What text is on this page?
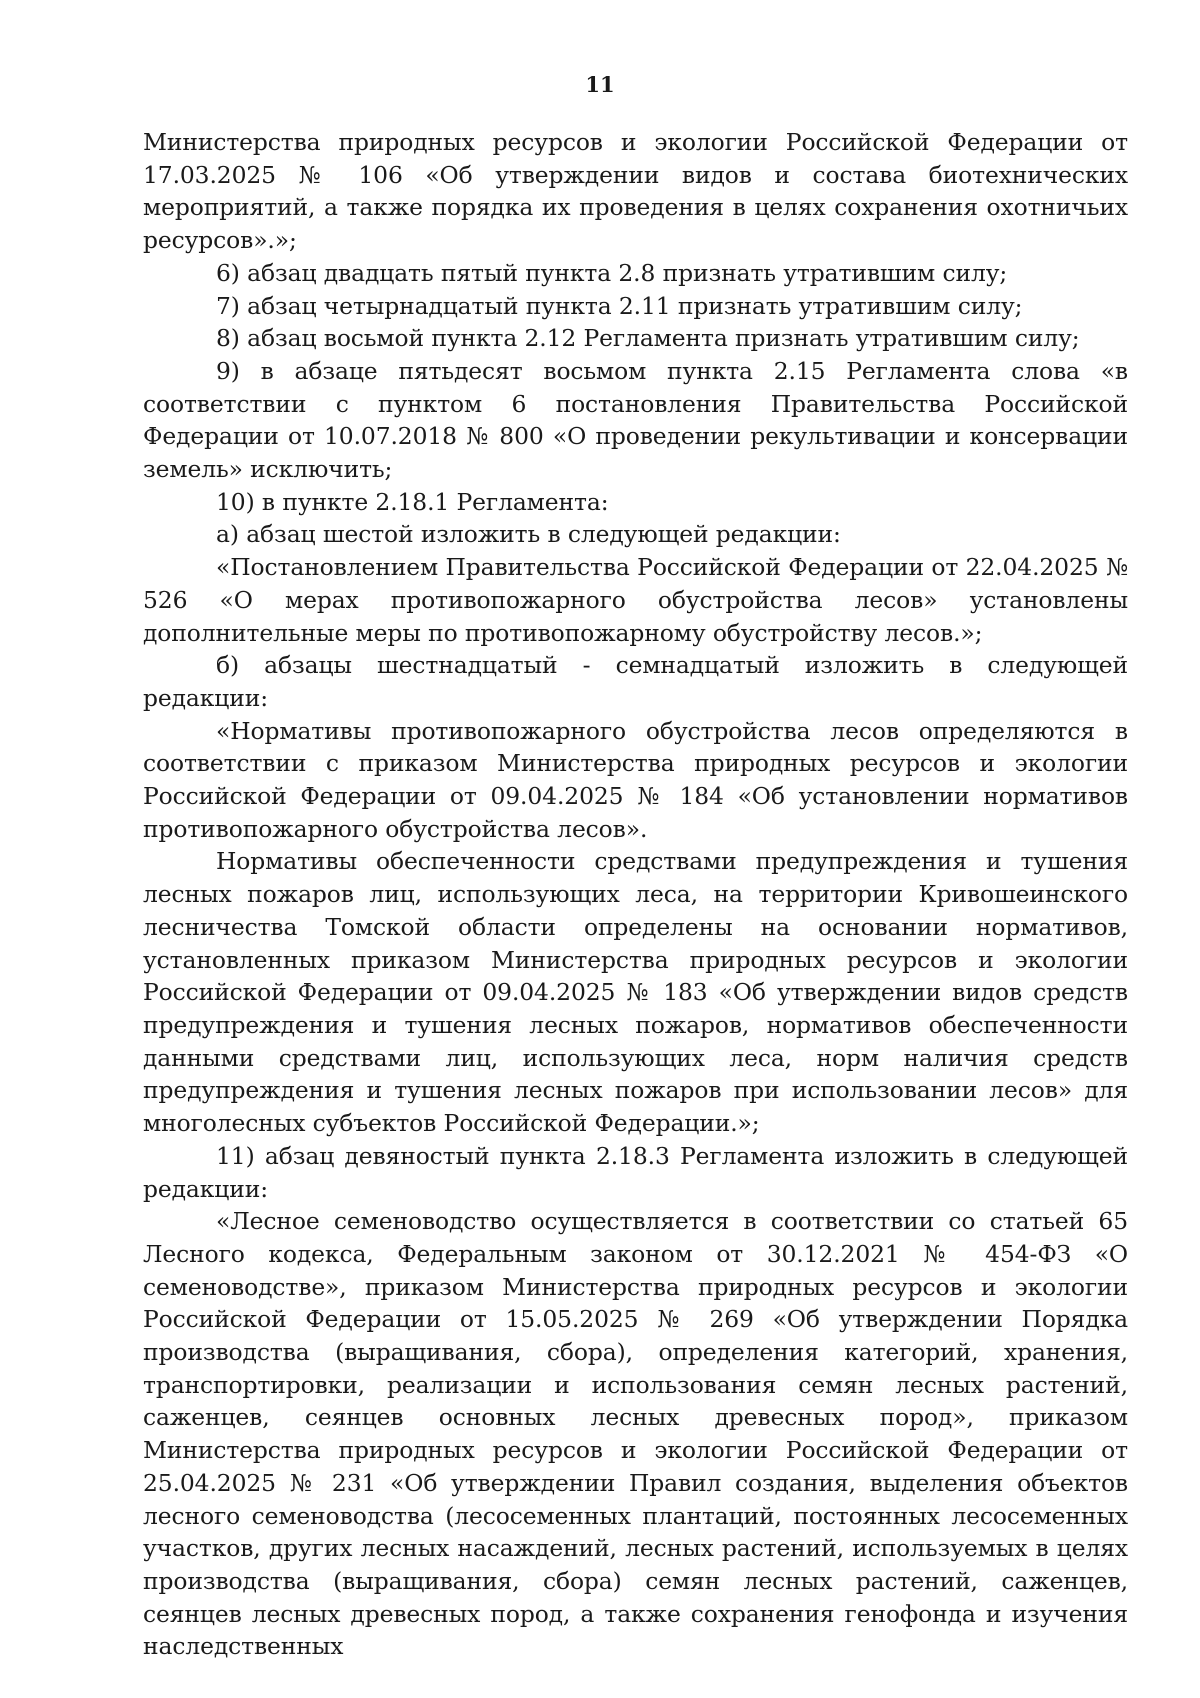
11

Министерства природных ресурсов и экологии Российской Федерации от 17.03.2025 № 106 «Об утверждении видов и состава биотехнических мероприятий, а также порядка их проведения в целях сохранения охотничьих ресурсов».»;

6) абзац двадцать пятый пункта 2.8 признать утратившим силу;

7) абзац четырнадцатый пункта 2.11 признать утратившим силу;

8) абзац восьмой пункта 2.12 Регламента признать утратившим силу;

9) в абзаце пятьдесят восьмом пункта 2.15 Регламента слова «в соответствии с пунктом 6 постановления Правительства Российской Федерации от 10.07.2018 № 800 «О проведении рекультивации и консервации земель» исключить;

10) в пункте 2.18.1 Регламента:

а) абзац шестой изложить в следующей редакции:

«Постановлением Правительства Российской Федерации от 22.04.2025 № 526 «О мерах противопожарного обустройства лесов» установлены дополнительные меры по противопожарному обустройству лесов.»;

б) абзацы шестнадцатый - семнадцатый изложить в следующей редакции:

«Нормативы противопожарного обустройства лесов определяются в соответствии с приказом Министерства природных ресурсов и экологии Российской Федерации от 09.04.2025 № 184 «Об установлении нормативов противопожарного обустройства лесов».

Нормативы обеспеченности средствами предупреждения и тушения лесных пожаров лиц, использующих леса, на территории Кривошеинского лесничества Томской области определены на основании нормативов, установленных приказом Министерства природных ресурсов и экологии Российской Федерации от 09.04.2025 № 183 «Об утверждении видов средств предупреждения и тушения лесных пожаров, нормативов обеспеченности данными средствами лиц, использующих леса, норм наличия средств предупреждения и тушения лесных пожаров при использовании лесов» для многолесных субъектов Российской Федерации.»;

11) абзац девяностый пункта 2.18.3 Регламента изложить в следующей редакции:

«Лесное семеноводство осуществляется в соответствии со статьей 65 Лесного кодекса, Федеральным законом от 30.12.2021 № 454-ФЗ «О семеноводстве», приказом Министерства природных ресурсов и экологии Российской Федерации от 15.05.2025 № 269 «Об утверждении Порядка производства (выращивания, сбора), определения категорий, хранения, транспортировки, реализации и использования семян лесных растений, саженцев, сеянцев основных лесных древесных пород», приказом Министерства природных ресурсов и экологии Российской Федерации от 25.04.2025 № 231 «Об утверждении Правил создания, выделения объектов лесного семеноводства (лесосеменных плантаций, постоянных лесосеменных участков, других лесных насаждений, лесных растений, используемых в целях производства (выращивания, сбора) семян лесных растений, саженцев, сеянцев лесных древесных пород, а также сохранения генофонда и изучения наследственных
